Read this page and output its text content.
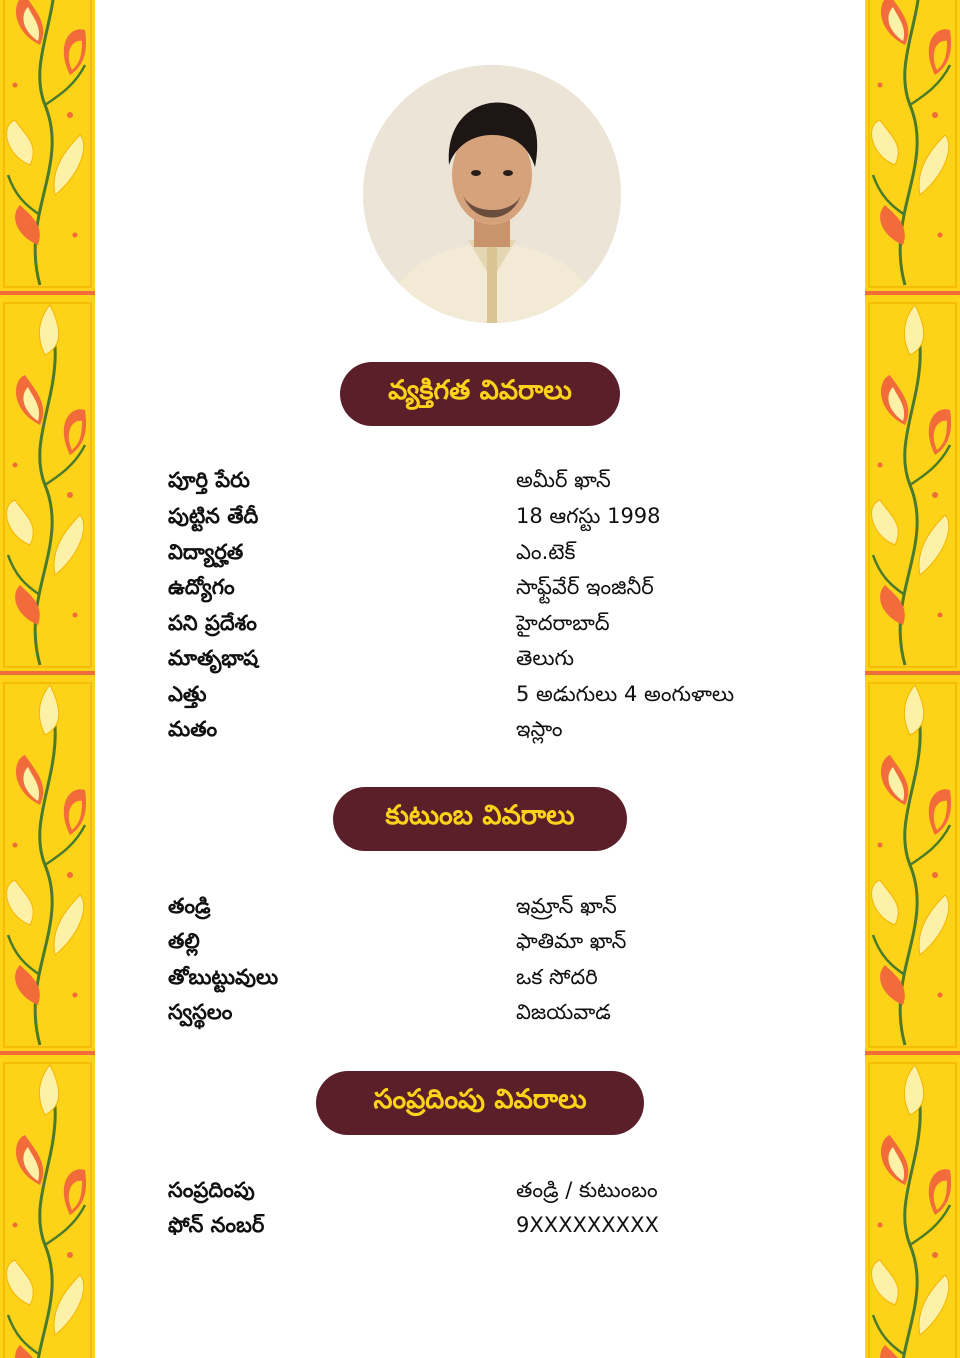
వ్యక్తిగత వివరాలు
పూర్తి పేరు	అమీర్ ఖాన్
పుట్టిన తేదీ	18 ఆగస్టు 1998
విద్యార్హత	ఎం.టెక్
ఉద్యోగం	సాఫ్ట్‌వేర్ ఇంజినీర్
పని ప్రదేశం	హైదరాబాద్
మాతృభాష	తెలుగు
ఎత్తు	5 అడుగులు 4 అంగుళాలు
మతం	ఇస్లాం
కుటుంబ వివరాలు
తండ్రి	ఇమ్రాన్ ఖాన్
తల్లి	ఫాతిమా ఖాన్
తోబుట్టువులు	ఒక సోదరి
స్వస్థలం	విజయవాడ
సంప్రదింపు వివరాలు
సంప్రదింపు	తండ్రి / కుటుంబం
ఫోన్ నంబర్	9XXXXXXXXX
